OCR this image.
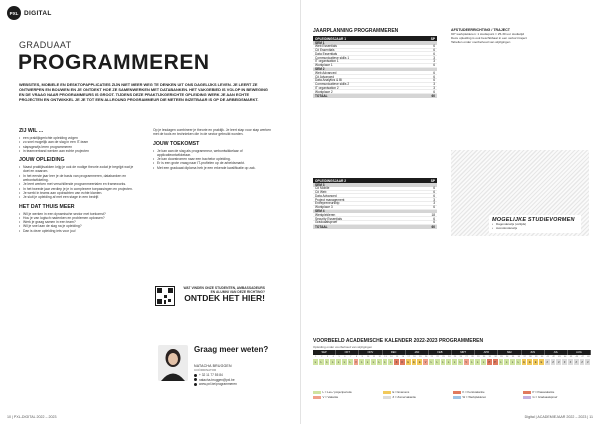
PXL DIGITAL
GRADUAAT
PROGRAMMEREN
WEBSITES, MOBIELE EN DESKTOPAPPLICATIES ZIJN NIET MEER WEG TE DENKEN UIT ONS DAGELIJKS LEVEN. JE LEERT ZE ONTWERPEN EN BOUWEN EN JE ONTDEKT HOE ZE SAMENWERKEN MET DATABANKEN. HET VAKGEBIED IS VOLOP IN BEWEGING EN DE VRAAG NAAR PROGRAMMEURS IS GROOT. TIJDENS DEZE PRAKTIJKGERICHTE OPLEIDING WERK JE AAN ECHTE PROJECTEN EN ONTWIKKEL JE JE TOT EEN ALLROUND PROGRAMMEUR DIE METEEN INZETBAAR IS OP DE ARBEIDSMARKT.
ZIJ WIL ...
• een praktijkgerichte opleiding volgen
• zo snel mogelijk aan de slag in een IT-team
• stapsgewijs leren programmeren
• in teamverband werken aan echte projecten
JOUW OPLEIDING
• Naast praktijkvakken krijg je ook de nodige theorie zodat je begrijpt wat je doet en waarom.
• In het eerste jaar leer je de basis van programmeren, databanken en webontwikkeling.
• Je leert werken met verschillende programmeertalen en frameworks.
• In het tweede jaar verdiep je je in complexere toepassingen en projecten.
• Je werkt in teams aan opdrachten van echte klanten.
• Je sluit je opleiding af met een stage in een bedrijf.
HET DAT THUIS MEER
• Wil je werken in een dynamische sector met toekomst?
• Hou je van logisch nadenken en problemen oplossen?
• Werk je graag samen in een team?
• Wil je snel aan de slag na je opleiding?
• Dan is deze opleiding iets voor jou!
Op je lesdagen combineer je theorie en praktijk. Je leert stap voor stap werken met de tools en technieken die in de sector gebruikt worden.
JOUW TOEKOMST
• Je kan aan de slag als programmeur, webontwikkelaar of applicatieontwikkelaar.
• Je kan doorstromen naar een bachelor opleiding.
• Er is een grote vraag naar IT-profielen op de arbeidsmarkt.
• Met een graduaat diploma heb je een erkende kwalificatie op zak.
WAT VINDEN ONZE STUDENTEN, AMBASSADEURS EN ALUMNI VAN DEZE RICHTING?
ONTDEK HET HIER!
Graag meer weten?
NATACHA BRUGGEN
COÖRDINATOR
+ 32 11 77 55 84
natacha.bruggen@pxl.be
www.pxl.be/programmeren
10 | PXL-DIGITAL 2022 – 2023
JAARPLANNING PROGRAMMEREN
OPLEIDINGSJAAR 1	SP
SEM 1
Web Essentials	6
C# Essentials	6
Data Essentials	6
Communicatieve skills 1	3
IT organisation 1	3
Workplace 1	6
SEM 2
Web Advanced	6
C# Advanced	6
Data Analytics & BI	6
Communicatieve skills 2	3
IT organisation 2	3
Workplace 2	6
TOTAAL	60
OPLEIDINGSJAAR 2	SP
SEM 3
C# Mobile	6
C# Web	6
Data Advanced	6
Project management	3
Entrepreneurship	3
Workplace 3	6
SEM 4
Werkplekleren	18
Security Essentials	6
Graduaatsproef	6
TOTAAL	60
AFSTUDEERRICHTING / TRAJECT
90° werkplekleren: 1 studiepunt = 25-30 uur studietijd
Deze opleiding is ook beschikbaar in een verkort traject
Tabellen onder voorbehoud van wijzigingen
MOGELIJKE STUDIEVORMEN
• Dagonderwijs (voltijds)
• Avondonderwijs
VOORBEELD ACADEMISCHE KALENDER 2022-2023 PROGRAMMEREN
Opleiding onder voorbehoud van wijzigingen
SEP	OKT	NOV	DEC	JAN	FEB	MRT	APR	MEI	JUN	JUL	AUG
1	2	3	4	5	6	7	8	9	10	11	12	13	14	15	16	17	18	19	20	21	22	23	24	25	26	27	28	29	30	31	32	33	34	35	36	37	38	39	40	41	42	43	44	45	46	47	48
L	L	L	L	L	L	L	V	L	L	L	L	L	L	K	K	E	E	E	V	L	L	L	L	L	L	V	L	L	L	P	P	L	L	L	L	E	E	E	E	Z	Z	Z	Z	Z	Z	Z	Z
L = Les-/ projectperiode	E = Examens	K = Kerstvakantie	P = Paasvakantie
V = Vakantie	Z = Zomervakantie	W = Werkplekleren	G = Graduaatsproef
Digital | ACADEMIEJAAR 2022 – 2023 | 11
